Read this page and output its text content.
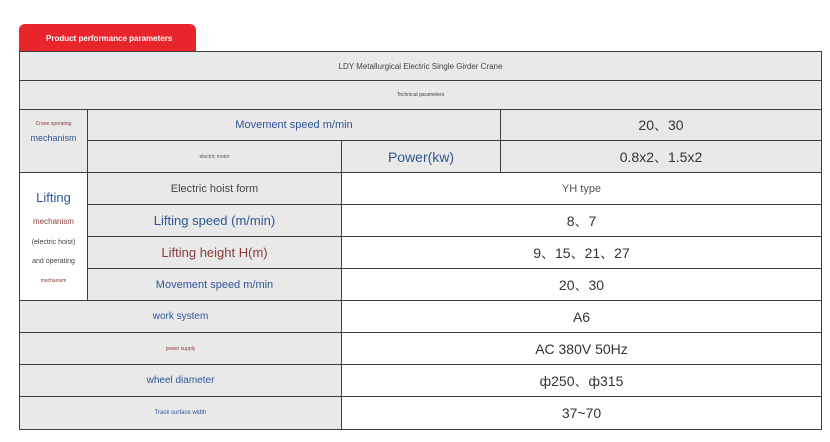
Product performance parameters
LDY Metallurgical Electric Single Girder Crane
Technical parameters
Crane operating
mechanism
Movement speed m/min	20、30
electric motor	Power(kw)	0.8x2、1.5x2
Lifting
mechanism
(electric hoist)
and operating
mechanism
Electric hoist form	YH type
Lifting speed (m/min)	8、7
Lifting height H(m)	9、15、21、27
Movement speed m/min	20、30
work system	A6
power supply	AC 380V 50Hz
wheel diameter	ф250、ф315
Track surface width	37~70
